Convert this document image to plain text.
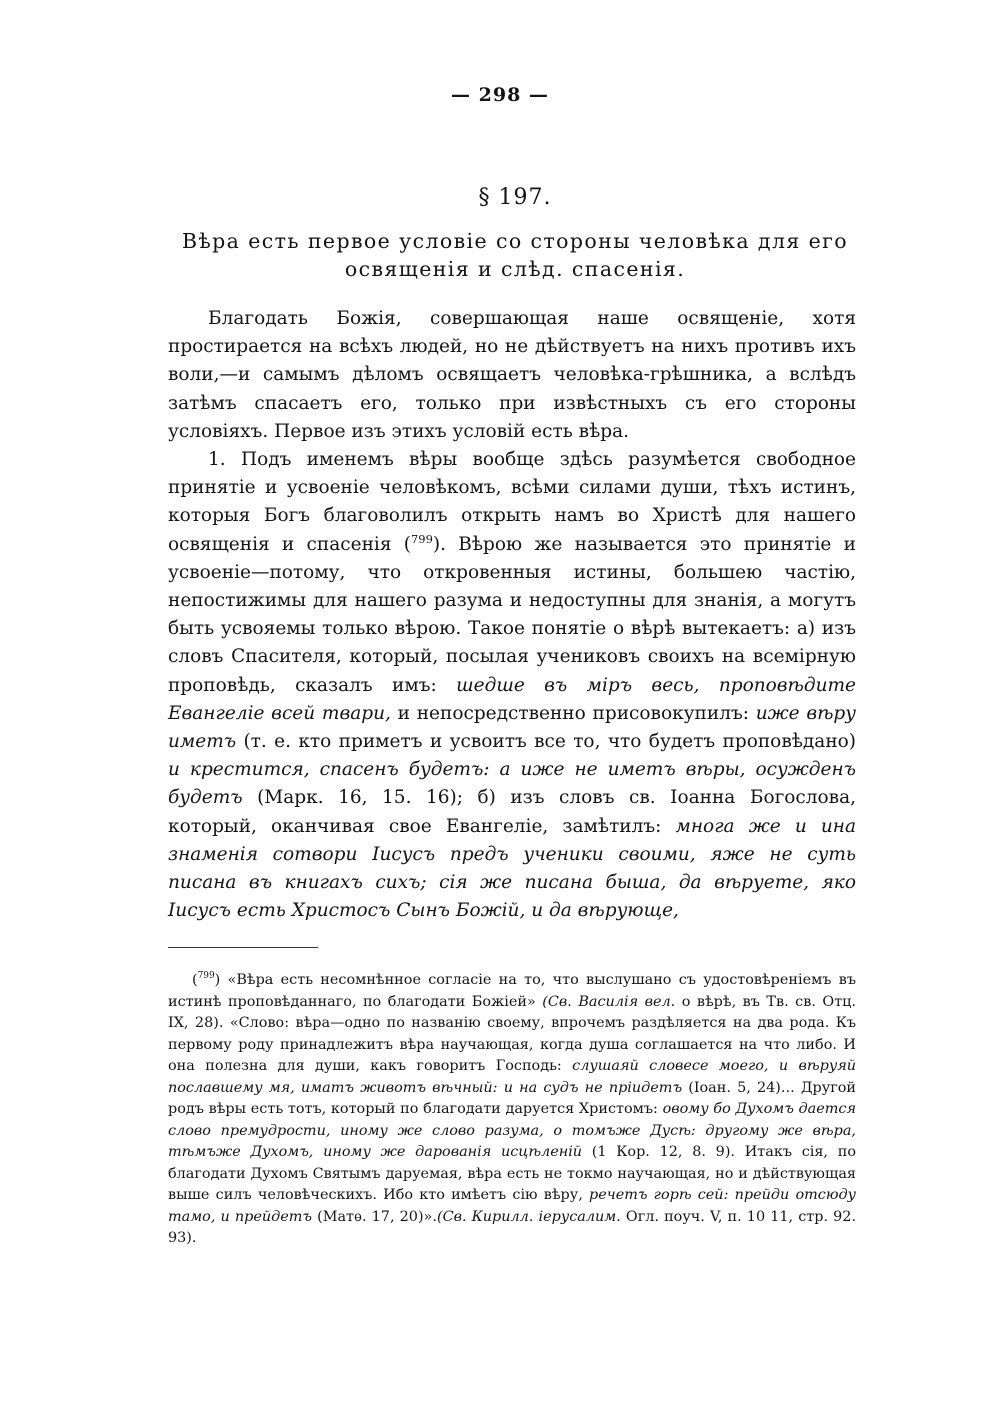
— 298 —
§ 197.
Вѣра есть первое условіе со стороны человѣка для его освященія и слѣд. спасенія.

Благодать Божія, совершающая наше освященіе, хотя простирается на всѣхъ людей, но не дѣйствуетъ на нихъ противъ ихъ воли,—и самымъ дѣломъ освящаетъ человѣка-грѣшника, а вслѣдъ затѣмъ спасаетъ его, только при извѣстныхъ съ его стороны условіяхъ. Первое изъ этихъ условій есть вѣра.

1. Подъ именемъ вѣры вообще здѣсь разумѣется свободное принятіе и усвоеніе человѣкомъ, всѣми силами души, тѣхъ истинъ, которыя Богъ благоволилъ открыть намъ во Христѣ для нашего освященія и спасенія ($^{799}$). Вѣрою же называется это принятіе и усвоеніе—потому, что откровенныя истины, большею частію, непостижимы для нашего разума и недоступны для знанія, а могутъ быть усвояемы только вѣрою. Такое понятіе о вѣрѣ вытекаетъ: а) изъ словъ Спасителя, который, посылая учениковъ своихъ на всемірную проповѣдь, сказалъ имъ: шедше въ міръ весь, проповѣдите Евангеліе всей твари, и непосредственно присовокупилъ: иже вѣру иметъ (т. е. кто приметъ и усвоитъ все то, что будетъ проповѣдано) и крестится, спасенъ будетъ: а иже не иметъ вѣры, осужденъ будетъ (Марк. 16, 15. 16); б) изъ словъ св. Іоанна Богослова, который, оканчивая свое Евангеліе, замѣтилъ: многа же и ина знаменія сотвори Іисусъ предъ ученики своими, яже не суть писана въ книгахъ сихъ; сія же писана быша, да вѣруете, яко Іисусъ есть Христосъ Сынъ Божій, и да вѣрующе,

($^{799}$) «Вѣра есть несомнѣнное согласіе на то, что выслушано съ удостовѣреніемъ въ истинѣ проповѣданнаго, по благодати Божіей» (Св. Василія вел. о вѣрѣ, въ Тв. св. Отц. IX, 28). «Слово: вѣра—одно по названію своему, впрочемъ раздѣляется на два рода. Къ первому роду принадлежитъ вѣра научающая, когда душа соглашается на что либо. И она полезна для души, какъ говоритъ Господь: слушаяй словесе моего, и вѣруяй пославшему мя, иматъ животъ вѣчный: и на судъ не пріидетъ (Іоан. 5, 24)... Другой родъ вѣры есть тотъ, который по благодати даруется Христомъ: овому бо Духомъ дается слово премудрости, иному же слово разума, о томъже Дусѣ: другому же вѣра, тѣмъже Духомъ, иному же дарованія исцѣленій (1 Кор. 12, 8. 9). Итакъ сія, по благодати Духомъ Святымъ даруемая, вѣра есть не токмо научающая, но и дѣйствующая выше силъ человѣческихъ. Ибо кто имѣетъ сію вѣру, речетъ горѣ сей: прейди отсюду тамо, и прейдетъ (Матѳ. 17, 20)».(Св. Кирилл. іерусалим. Огл. поуч. V, п. 10 11, стр. 92. 93).
